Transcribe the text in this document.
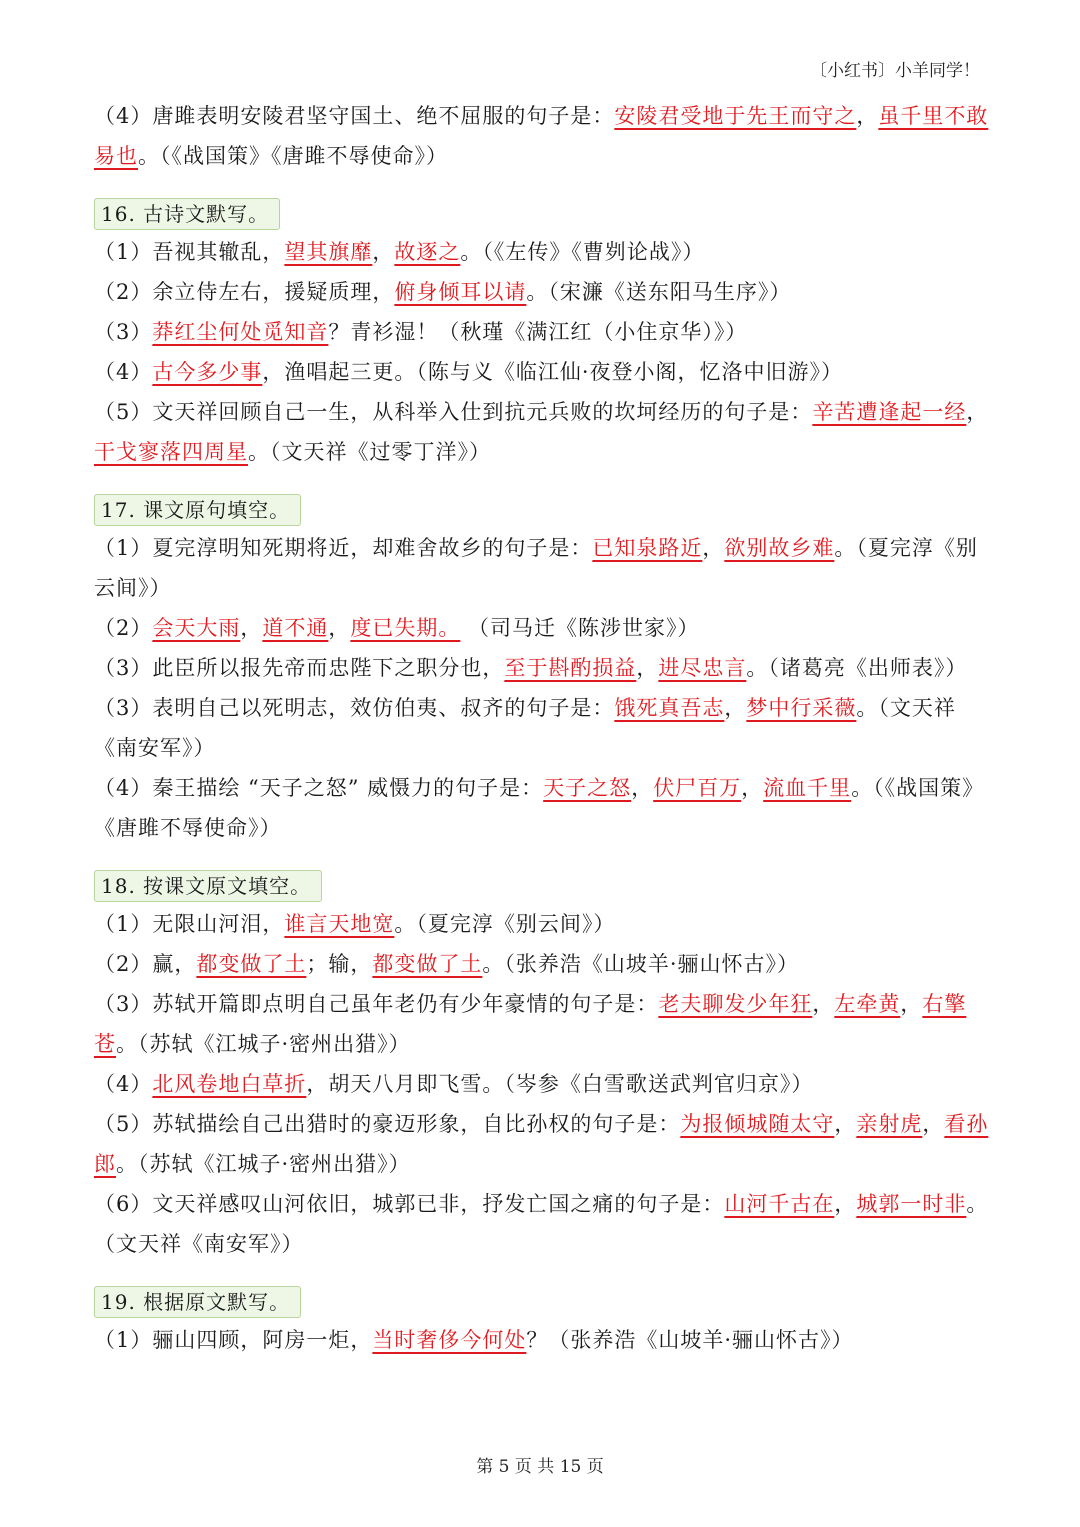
〔小红书〕小羊同学！
（4）唐雎表明安陵君坚守国土、绝不屈服的句子是：安陵君受地于先王而守之，虽千里不敢易也。（《战国策》《唐雎不辱使命》）
16. 古诗文默写。
（1）吾视其辙乱，望其旗靡，故逐之。（《左传》《曹刿论战》）
（2）余立侍左右，援疑质理，俯身倾耳以请。（宋濂《送东阳马生序》）
（3）莽红尘何处觅知音？青衫湿！（秋瑾《满江红（小住京华）》）
（4）古今多少事，渔唱起三更。（陈与义《临江仙·夜登小阁，忆洛中旧游》）
（5）文天祥回顾自己一生，从科举入仕到抗元兵败的坎坷经历的句子是：辛苦遭逢起一经，干戈寥落四周星。（文天祥《过零丁洋》）
17. 课文原句填空。
（1）夏完淳明知死期将近，却难舍故乡的句子是：已知泉路近，欲别故乡难。（夏完淳《别云间》）
（2）会天大雨，道不通，度已失期。 （司马迁《陈涉世家》）
（3）此臣所以报先帝而忠陛下之职分也，至于斟酌损益，进尽忠言。（诸葛亮《出师表》）
（3）表明自己以死明志，效仿伯夷、叔齐的句子是：饿死真吾志，梦中行采薇。（文天祥《南安军》）
（4）秦王描绘 “天子之怒” 威慑力的句子是：天子之怒，伏尸百万，流血千里。（《战国策》《唐雎不辱使命》）
18. 按课文原文填空。
（1）无限山河泪，谁言天地宽。（夏完淳《别云间》）
（2）赢，都变做了土；输，都变做了土。（张养浩《山坡羊·骊山怀古》）
（3）苏轼开篇即点明自己虽年老仍有少年豪情的句子是：老夫聊发少年狂，左牵黄，右擎苍。（苏轼《江城子·密州出猎》）
（4）北风卷地白草折，胡天八月即飞雪。（岑参《白雪歌送武判官归京》）
（5）苏轼描绘自己出猎时的豪迈形象，自比孙权的句子是：为报倾城随太守，亲射虎，看孙郎。（苏轼《江城子·密州出猎》）
（6）文天祥感叹山河依旧，城郭已非，抒发亡国之痛的句子是：山河千古在，城郭一时非。（文天祥《南安军》）
19. 根据原文默写。
（1）骊山四顾，阿房一炬，当时奢侈今何处？（张养浩《山坡羊·骊山怀古》）
第 5 页 共 15 页
